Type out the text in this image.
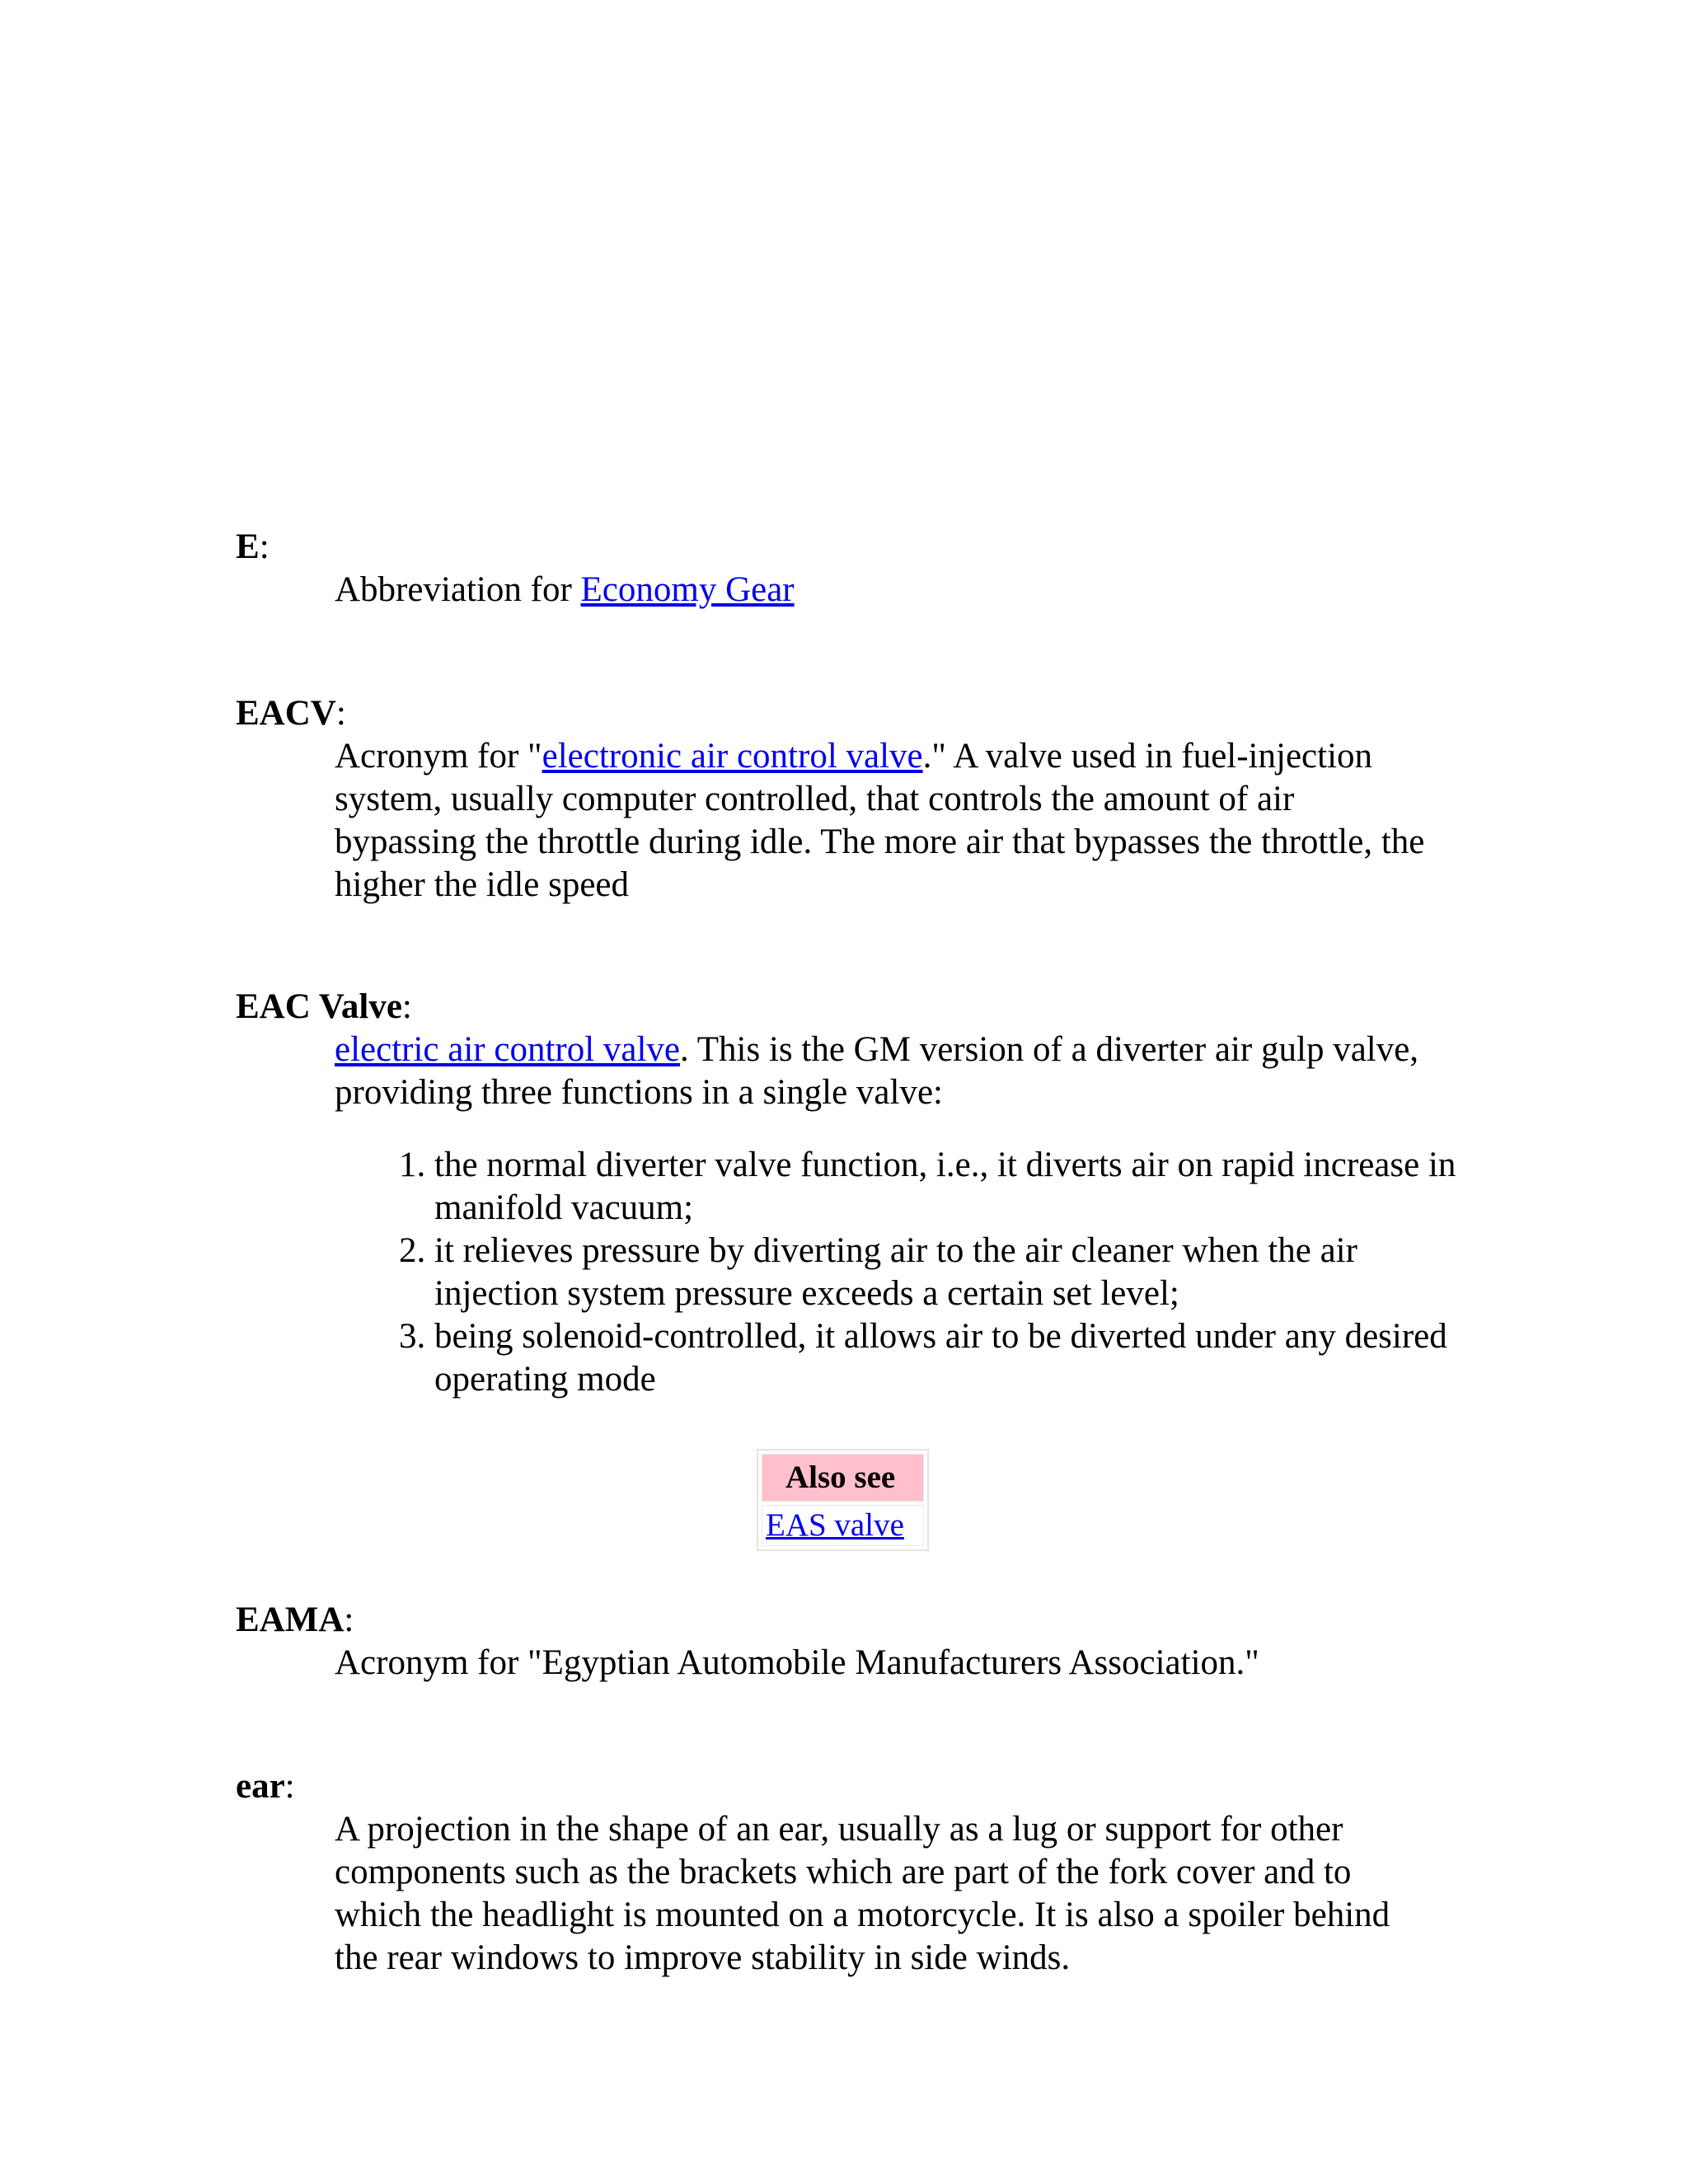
E:

Abbreviation for Economy Gear

EACV:

Acronym for "electronic air control valve." A valve used in fuel-injection system, usually computer controlled, that controls the amount of air bypassing the throttle during idle. The more air that bypasses the throttle, the higher the idle speed

EAC Valve:

electric air control valve. This is the GM version of a diverter air gulp valve, providing three functions in a single valve:

1. the normal diverter valve function, i.e., it diverts air on rapid increase in manifold vacuum;
2. it relieves pressure by diverting air to the air cleaner when the air injection system pressure exceeds a certain set level;
3. being solenoid-controlled, it allows air to be diverted under any desired operating mode
Also see
EAS valve

EAMA:

Acronym for "Egyptian Automobile Manufacturers Association."

ear:

A projection in the shape of an ear, usually as a lug or support for other components such as the brackets which are part of the fork cover and to which the headlight is mounted on a motorcycle. It is also a spoiler behind the rear windows to improve stability in side winds.
